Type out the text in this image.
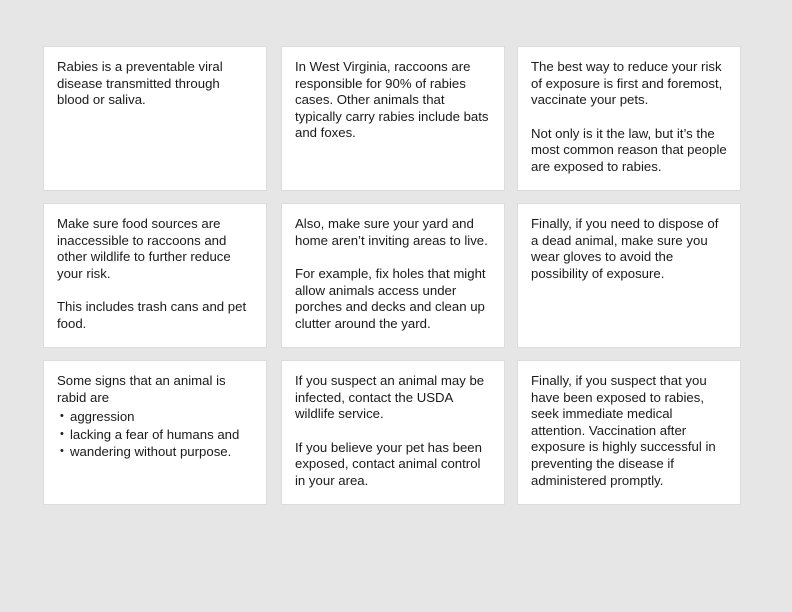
Rabies is a preventable viral disease transmitted through blood or saliva.

In West Virginia, raccoons are responsible for 90% of rabies cases. Other animals that typically carry rabies include bats and foxes.

The best way to reduce your risk of exposure is first and foremost, vaccinate your pets.

Not only is it the law, but it’s the most common reason that people are exposed to rabies.

Make sure food sources are inaccessible to raccoons and other wildlife to further reduce your risk.

This includes trash cans and pet food.

Also, make sure your yard and home aren’t inviting areas to live.

For example, fix holes that might allow animals access under porches and decks and clean up clutter around the yard.

Finally, if you need to dispose of a dead animal, make sure you wear gloves to avoid the possibility of exposure.

Some signs that an animal is rabid are

• aggression
• lacking a fear of humans and
• wandering without purpose.

If you suspect an animal may be infected, contact the USDA wildlife service.

If you believe your pet has been exposed, contact animal control in your area.

Finally, if you suspect that you have been exposed to rabies, seek immediate medical attention. Vaccination after exposure is highly successful in preventing the disease if administered promptly.
